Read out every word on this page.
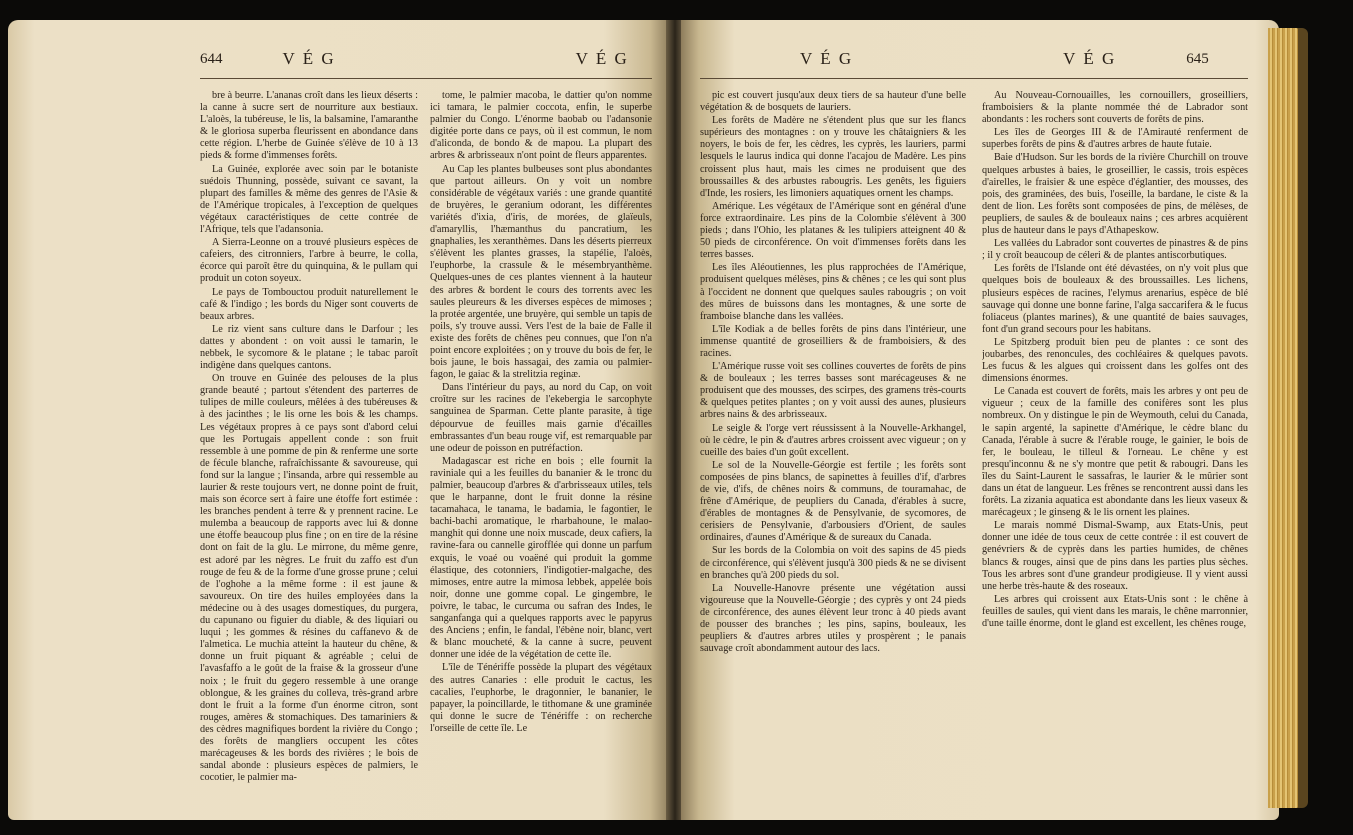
644	V É G	V É G

bre à beurre. L'ananas croît dans les lieux déserts : la canne à sucre sert de nourriture aux bestiaux. L'aloès, la tubéreuse, le lis, la balsamine, l'amaranthe & le gloriosa superba fleurissent en abondance dans cette région. L'herbe de Guinée s'élève de 10 à 13 pieds & forme d'immenses forêts.

La Guinée, explorée avec soin par le botaniste suédois Thunning, possède, suivant ce savant, la plupart des familles & même des genres de l'Asie & de l'Amérique tropicales, à l'exception de quelques végétaux caractéristiques de cette contrée de l'Afrique, tels que l'adansonia.

A Sierra-Leonne on a trouvé plusieurs espèces de cafeiers, des citronniers, l'arbre à beurre, le colla, écorce qui paroît être du quinquina, & le pullam qui produit un coton soyeux.

Le pays de Tombouctou produit naturellement le café & l'indigo ; les bords du Niger sont couverts de beaux arbres.

Le riz vient sans culture dans le Darfour ; les dattes y abondent : on voit aussi le tamarin, le nebbek, le sycomore & le platane ; le tabac paroît indigène dans quelques cantons.

On trouve en Guinée des pelouses de la plus grande beauté ; partout s'étendent des parterres de tulipes de mille couleurs, mêlées à des tubéreuses & à des jacinthes ; le lis orne les bois & les champs. Les végétaux propres à ce pays sont d'abord celui que les Portugais appellent conde : son fruit ressemble à une pomme de pin & renferme une sorte de fécule blanche, rafraîchissante & savoureuse, qui fond sur la langue ; l'insanda, arbre qui ressemble au laurier & reste toujours vert, ne donne point de fruit, mais son écorce sert à faire une étoffe fort estimée : les branches pendent à terre & y prennent racine. Le mulemba a beaucoup de rapports avec lui & donne une étoffe beaucoup plus fine ; on en tire de la résine dont on fait de la glu. Le mirrone, du même genre, est adoré par les nègres. Le fruit du zaffo est d'un rouge de feu & de la forme d'une grosse prune ; celui de l'oghohe a la même forme : il est jaune & savoureux. On tire des huiles employées dans la médecine ou à des usages domestiques, du purgera, du capunano ou figuier du diable, & des liquiari ou luqui ; les gommes & résines du caffanevo & de l'almetica. Le muchia atteint la hauteur du chêne, & donne un fruit piquant & agréable ; celui de l'avasfaffo a le goût de la fraise & la grosseur d'une noix ; le fruit du gegero ressemble à une orange oblongue, & les graines du colleva, très-grand arbre dont le fruit a la forme d'un énorme citron, sont rouges, amères & stomachiques. Des tamariniers & des cèdres magnifiques bordent la rivière du Congo ; des forêts de mangliers occupent les côtes marécageuses & les bords des rivières ; le bois de sandal abonde : plusieurs espèces de palmiers, le cocotier, le palmier ma-

tome, le palmier macoba, le dattier qu'on nomme ici tamara, le palmier coccota, enfin, le superbe palmier du Congo. L'énorme baobab ou l'adansonie digitée porte dans ce pays, où il est commun, le nom d'aliconda, de bondo & de mapou. La plupart des arbres & arbrisseaux n'ont point de fleurs apparentes.

Au Cap les plantes bulbeuses sont plus abondantes que partout ailleurs. On y voit un nombre considérable de végétaux variés : une grande quantité de bruyères, le geranium odorant, les différentes variétés d'ixia, d'iris, de morées, de glaïeuls, d'amaryllis, l'hæmanthus du pancratium, les gnaphalies, les xeranthèmes. Dans les déserts pierreux s'élèvent les plantes grasses, la stapélie, l'aloès, l'euphorbe, la crassule & le mésembryanthème. Quelques-unes de ces plantes viennent à la hauteur des arbres & bordent le cours des torrents avec les saules pleureurs & les diverses espèces de mimoses ; la protée argentée, une bruyère, qui semble un tapis de poils, s'y trouve aussi. Vers l'est de la baie de Falle il existe des forêts de chênes peu connues, que l'on n'a point encore exploitées ; on y trouve du bois de fer, le bois jaune, le bois hassagai, des zamia ou palmier-fagon, le gaiac & la strelitzia reginæ.

Dans l'intérieur du pays, au nord du Cap, on voit croître sur les racines de l'ekebergia le sarcophyte sanguinea de Sparman. Cette plante parasite, à tige dépourvue de feuilles mais garnie d'écailles embrassantes d'un beau rouge vif, est remarquable par une odeur de poisson en putréfaction.

Madagascar est riche en bois ; elle fournit la raviniale qui a les feuilles du bananier & le tronc du palmier, beaucoup d'arbres & d'arbrisseaux utiles, tels que le harpanne, dont le fruit donne la résine tacamahaca, le tanama, le badamia, le fagontier, le bachi-bachi aromatique, le rharbahoune, le malao-manghit qui donne une noix muscade, deux cafiers, la ravine-fara ou cannelle girofflée qui donne un parfum exquis, le voaé ou voaëné qui produit la gomme élastique, des cotonniers, l'indigotier-malgache, des mimoses, entre autre la mimosa lebbek, appelée bois noir, donne une gomme copal. Le gingembre, le poivre, le tabac, le curcuma ou safran des Indes, le sanganfanga qui a quelques rapports avec le papyrus des Anciens ; enfin, le fandal, l'ébène noir, blanc, vert & blanc moucheté, & la canne à sucre, peuvent donner une idée de la végétation de cette île.

L'île de Ténériffe possède la plupart des végétaux des autres Canaries : elle produit le cactus, les cacalies, l'euphorbe, le dragonnier, le bananier, le papayer, la poincillarde, le tithomane & une graminée qui donne le sucre de Ténériffe : on recherche l'orseille de cette île. Le

V É G	V É G	645

pic est couvert jusqu'aux deux tiers de sa hauteur d'une belle végétation & de bosquets de lauriers.

Les forêts de Madère ne s'étendent plus que sur les flancs supérieurs des montagnes : on y trouve les châtaigniers & les noyers, le bois de fer, les cèdres, les cyprès, les lauriers, parmi lesquels le laurus indica qui donne l'acajou de Madère. Les pins croissent plus haut, mais les cimes ne produisent que des broussailles & des arbustes rabougris. Les genêts, les figuiers d'Inde, les rosiers, les limoniers aquatiques ornent les champs.

Amérique. Les végétaux de l'Amérique sont en général d'une force extraordinaire. Les pins de la Colombie s'élèvent à 300 pieds ; dans l'Ohio, les platanes & les tulipiers atteignent 40 & 50 pieds de circonférence. On voit d'immenses forêts dans les terres basses.

Les îles Aléoutiennes, les plus rapprochées de l'Amérique, produisent quelques mélèses, pins & chênes ; ce les qui sont plus à l'occident ne donnent que quelques saules rabougris ; on voit des mûres de buissons dans les montagnes, & une sorte de framboise blanche dans les vallées.

L'île Kodiak a de belles forêts de pins dans l'intérieur, une immense quantité de groseilliers & de framboisiers, & des racines.

L'Amérique russe voit ses collines couvertes de forêts de pins & de bouleaux ; les terres basses sont marécageuses & ne produisent que des mousses, des scirpes, des gramens très-courts & quelques petites plantes ; on y voit aussi des aunes, plusieurs arbres nains & des arbrisseaux.

Le seigle & l'orge vert réussissent à la Nouvelle-Arkhangel, où le cèdre, le pin & d'autres arbres croissent avec vigueur ; on y cueille des baies d'un goût excellent.

Le sol de la Nouvelle-Géorgie est fertile ; les forêts sont composées de pins blancs, de sapinettes à feuilles d'if, d'arbres de vie, d'ifs, de chênes noirs & communs, de touramahac, de frêne d'Amérique, de peupliers du Canada, d'érables à sucre, d'érables de montagnes & de Pensylvanie, de sycomores, de cerisiers de Pensylvanie, d'arbousiers d'Orient, de saules ordinaires, d'aunes d'Amérique & de sureaux du Canada.

Sur les bords de la Colombia on voit des sapins de 45 pieds de circonférence, qui s'élèvent jusqu'à 300 pieds & ne se divisent en branches qu'à 200 pieds du sol.

La Nouvelle-Hanovre présente une végétation aussi vigoureuse que la Nouvelle-Géorgie ; des cyprès y ont 24 pieds de circonférence, des aunes élèvent leur tronc à 40 pieds avant de pousser des branches ; les pins, sapins, bouleaux, les peupliers & d'autres arbres utiles y prospèrent ; le panais sauvage croît abondamment autour des lacs.

Au Nouveau-Cornouailles, les cornouillers, groseilliers, framboisiers & la plante nommée thé de Labrador sont abondants : les rochers sont couverts de forêts de pins.

Les îles de Georges III & de l'Amirauté renferment de superbes forêts de pins & d'autres arbres de haute futaie.

Baie d'Hudson. Sur les bords de la rivière Churchill on trouve quelques arbustes à baies, le groseillier, le cassis, trois espèces d'airelles, le fraisier & une espèce d'églantier, des mousses, des pois, des graminées, des buis, l'oseille, la bardane, le ciste & la dent de lion. Les forêts sont composées de pins, de mélèses, de peupliers, de saules & de bouleaux nains ; ces arbres acquièrent plus de hauteur dans le pays d'Athapeskow.

Les vallées du Labrador sont couvertes de pinastres & de pins ; il y croît beaucoup de céleri & de plantes antiscorbutiques.

Les forêts de l'Islande ont été dévastées, on n'y voit plus que quelques bois de bouleaux & des broussailles. Les lichens, plusieurs espèces de racines, l'elymus arenarius, espèce de blé sauvage qui donne une bonne farine, l'alga saccarifera & le fucus foliaceus (plantes marines), & une quantité de baies sauvages, font d'un grand secours pour les habitans.

Le Spitzberg produit bien peu de plantes : ce sont des joubarbes, des renoncules, des cochléaires & quelques pavots. Les fucus & les algues qui croissent dans les golfes ont des dimensions énormes.

Le Canada est couvert de forêts, mais les arbres y ont peu de vigueur ; ceux de la famille des conifères sont les plus nombreux. On y distingue le pin de Weymouth, celui du Canada, le sapin argenté, la sapinette d'Amérique, le cèdre blanc du Canada, l'érable à sucre & l'érable rouge, le gainier, le bois de fer, le bouleau, le tilleul & l'orneau. Le chêne y est presqu'inconnu & ne s'y montre que petit & rabougri. Dans les îles du Saint-Laurent le sassafras, le laurier & le mûrier sont dans un état de langueur. Les frênes se rencontrent aussi dans les forêts. La zizania aquatica est abondante dans les lieux vaseux & marécageux ; le ginseng & le lis ornent les plaines.

Le marais nommé Dismal-Swamp, aux Etats-Unis, peut donner une idée de tous ceux de cette contrée : il est couvert de genévriers & de cyprès dans les parties humides, de chênes blancs & rouges, ainsi que de pins dans les parties plus sèches. Tous les arbres sont d'une grandeur prodigieuse. Il y vient aussi une herbe très-haute & des roseaux.

Les arbres qui croissent aux Etats-Unis sont : le chêne à feuilles de saules, qui vient dans les marais, le chêne marronnier, d'une taille énorme, dont le gland est excellent, les chênes rouge,
